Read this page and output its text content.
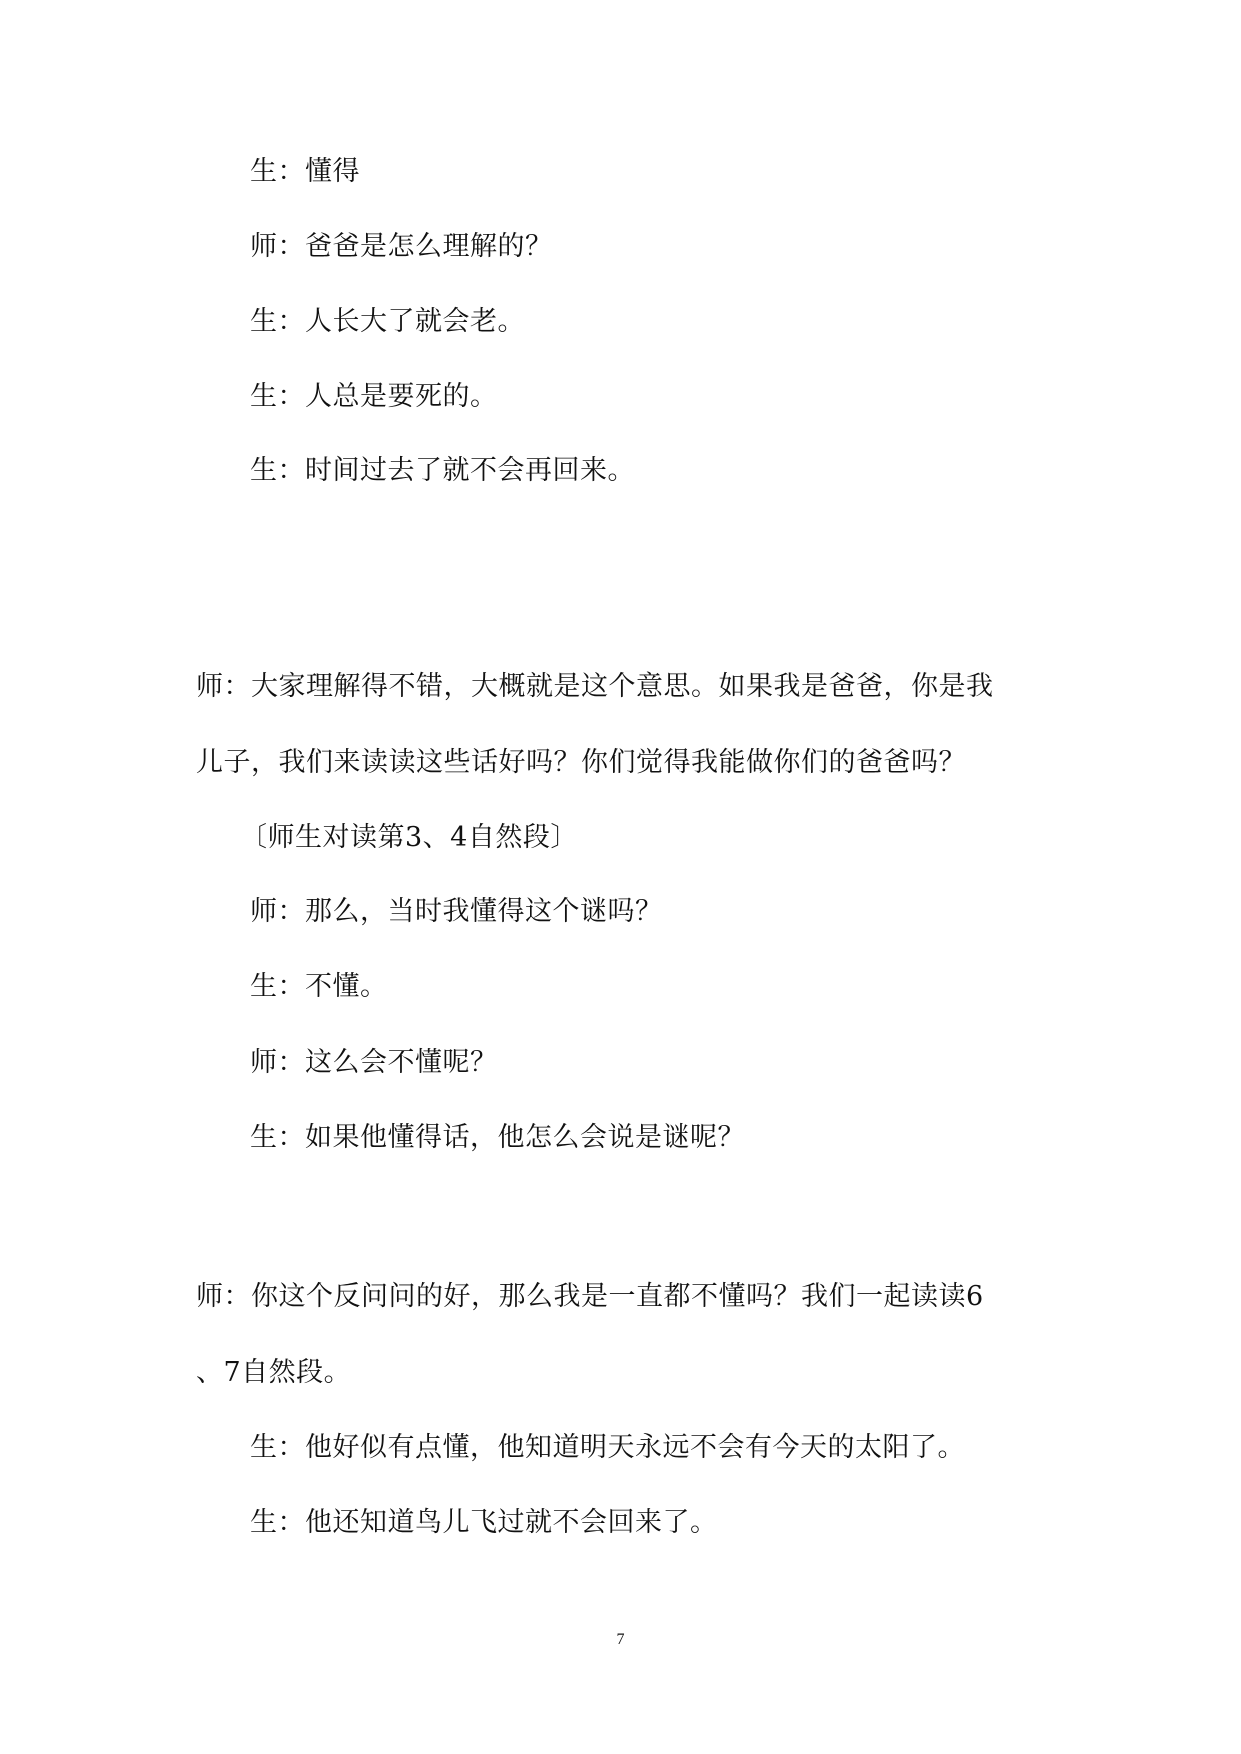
生：懂得
师：爸爸是怎么理解的？
生：人长大了就会老。
生：人总是要死的。
生：时间过去了就不会再回来。
师：大家理解得不错，大概就是这个意思。如果我是爸爸，你是我
儿子，我们来读读这些话好吗？你们觉得我能做你们的爸爸吗？
〔师生对读第3、4自然段〕
师：那么，当时我懂得这个谜吗？
生：不懂。
师：这么会不懂呢？
生：如果他懂得话，他怎么会说是谜呢？
师：你这个反问问的好，那么我是一直都不懂吗？我们一起读读6
、7自然段。
生：他好似有点懂，他知道明天永远不会有今天的太阳了。
生：他还知道鸟儿飞过就不会回来了。
7
